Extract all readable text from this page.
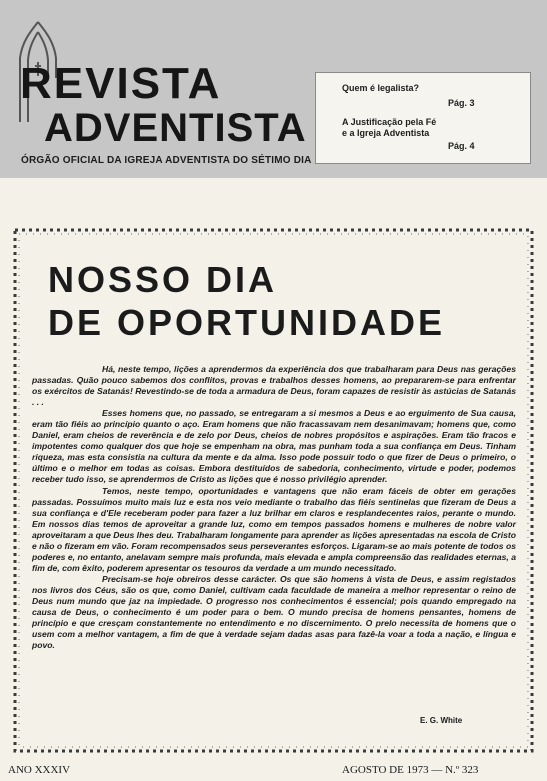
REVISTA
ADVENTISTA
ÓRGÃO OFICIAL DA IGREJA ADVENTISTA DO SÉTIMO DIA
Quem é legalista?
Pág. 3
A Justificação pela Fé
e a Igreja Adventista
Pág. 4
NOSSO DIA
DE OPORTUNIDADE

Há, neste tempo, lições a aprendermos da experiência dos que trabalharam para Deus nas gerações passadas. Quão pouco sabemos dos conflitos, provas e trabalhos desses homens, ao prepararem-se para enfrentar os exércitos de Satanás! Revestindo-se de toda a armadura de Deus, foram capazes de resistir às astúcias de Satanás . . .

Esses homens que, no passado, se entregaram a si mesmos a Deus e ao erguimento de Sua causa, eram tão fiéis ao princípio quanto o aço. Eram homens que não fracassavam nem desanimavam; homens que, como Daniel, eram cheios de reverência e de zelo por Deus, cheios de nobres propósitos e aspirações. Eram tão fracos e impotentes como qualquer dos que hoje se empenham na obra, mas punham toda a sua confiança em Deus. Tinham riqueza, mas esta consistia na cultura da mente e da alma. Isso pode possuir todo o que fizer de Deus o primeiro, o último e o melhor em todas as coisas. Embora destituídos de sabedoria, conhecimento, virtude e poder, podemos receber tudo isso, se aprendermos de Cristo as lições que é nosso privilégio aprender.

Temos, neste tempo, oportunidades e vantagens que não eram fáceis de obter em gerações passadas. Possuímos muito mais luz e esta nos veio mediante o trabalho das fiéis sentinelas que fizeram de Deus a sua confiança e d'Ele receberam poder para fazer a luz brilhar em claros e resplandecentes raios, perante o mundo. Em nossos dias temos de aproveitar a grande luz, como em tempos passados homens e mulheres de nobre valor aproveitaram a que Deus lhes deu. Trabalharam longamente para aprender as lições apresentadas na escola de Cristo e não o fizeram em vão. Foram recompensados seus perseverantes esforços. Ligaram-se ao mais potente de todos os poderes e, no entanto, anelavam sempre mais profunda, mais elevada e ampla compreensão das realidades eternas, a fim de, com êxito, poderem apresentar os tesouros da verdade a um mundo necessitado.

Precisam-se hoje obreiros desse carácter. Os que são homens à vista de Deus, e assim registados nos livros dos Céus, são os que, como Daniel, cultivam cada faculdade de maneira a melhor representar o reino de Deus num mundo que jaz na impiedade. O progresso nos conhecimentos é essencial; pois quando empregado na causa de Deus, o conhecimento é um poder para o bem. O mundo precisa de homens pensantes, homens de princípio e que cresçam constantemente no entendimento e no discernimento. O prelo necessita de homens que o usem com a melhor vantagem, a fim de que à verdade sejam dadas asas para fazê-la voar a toda a nação, e língua e povo.

E. G. White
ANO XXXIV	AGOSTO DE 1973 — N.º 323
